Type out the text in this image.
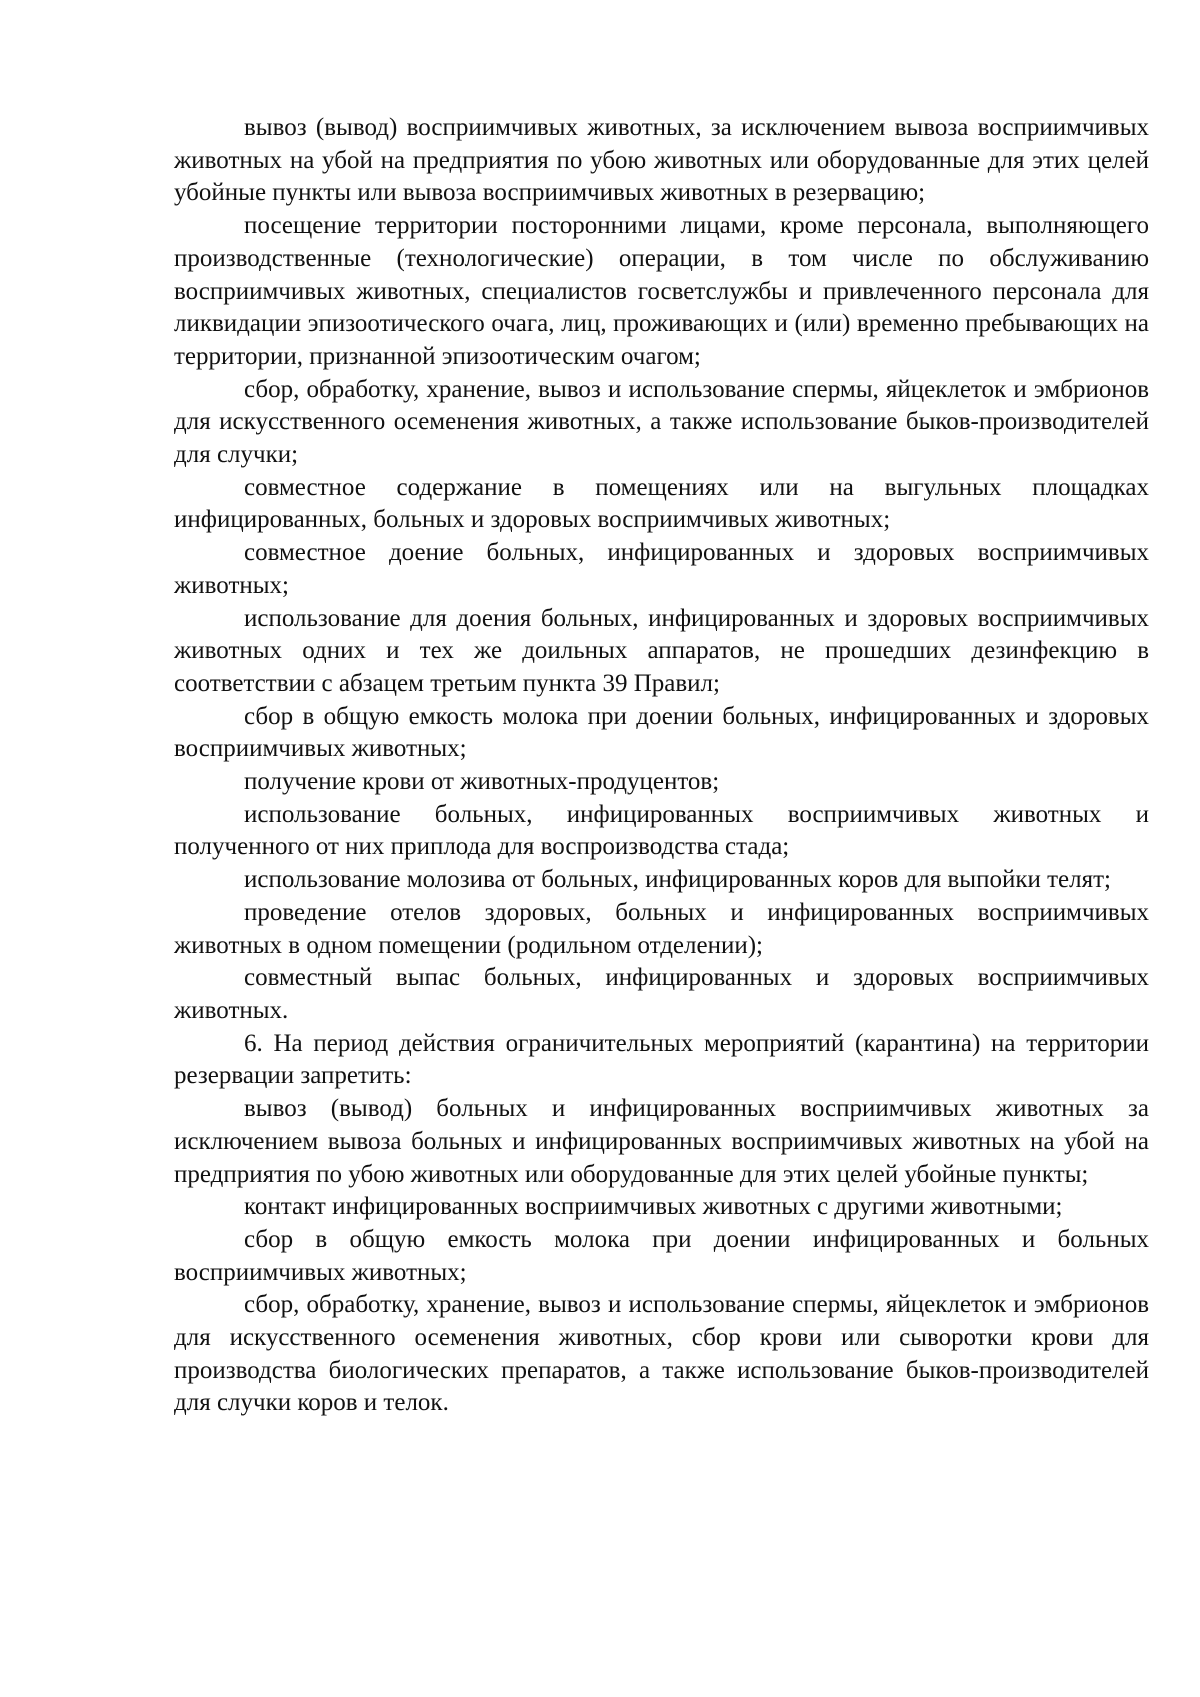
вывоз (вывод) восприимчивых животных, за исключением вывоза восприимчивых животных на убой на предприятия по убою животных или оборудованные для этих целей убойные пункты или вывоза восприимчивых животных в резервацию;

посещение территории посторонними лицами, кроме персонала, выполняющего производственные (технологические) операции, в том числе по обслуживанию восприимчивых животных, специалистов госветслужбы и привлеченного персонала для ликвидации эпизоотического очага, лиц, проживающих и (или) временно пребывающих на территории, признанной эпизоотическим очагом;

сбор, обработку, хранение, вывоз и использование спермы, яйцеклеток и эмбрионов для искусственного осеменения животных, а также использование быков-производителей для случки;

совместное содержание в помещениях или на выгульных площадках инфицированных, больных и здоровых восприимчивых животных;

совместное доение больных, инфицированных и здоровых восприимчивых животных;

использование для доения больных, инфицированных и здоровых восприимчивых животных одних и тех же доильных аппаратов, не прошедших дезинфекцию в соответствии с абзацем третьим пункта 39 Правил;

сбор в общую емкость молока при доении больных, инфицированных и здоровых восприимчивых животных;

получение крови от животных-продуцентов;

использование больных, инфицированных восприимчивых животных и полученного от них приплода для воспроизводства стада;

использование молозива от больных, инфицированных коров для выпойки телят;

проведение отелов здоровых, больных и инфицированных восприимчивых животных в одном помещении (родильном отделении);

совместный выпас больных, инфицированных и здоровых восприимчивых животных.

6. На период действия ограничительных мероприятий (карантина) на территории резервации запретить:

вывоз (вывод) больных и инфицированных восприимчивых животных за исключением вывоза больных и инфицированных восприимчивых животных на убой на предприятия по убою животных или оборудованные для этих целей убойные пункты;

контакт инфицированных восприимчивых животных с другими животными;

сбор в общую емкость молока при доении инфицированных и больных восприимчивых животных;

сбор, обработку, хранение, вывоз и использование спермы, яйцеклеток и эмбрионов для искусственного осеменения животных, сбор крови или сыворотки крови для производства биологических препаратов, а также использование быков-производителей для случки коров и телок.
